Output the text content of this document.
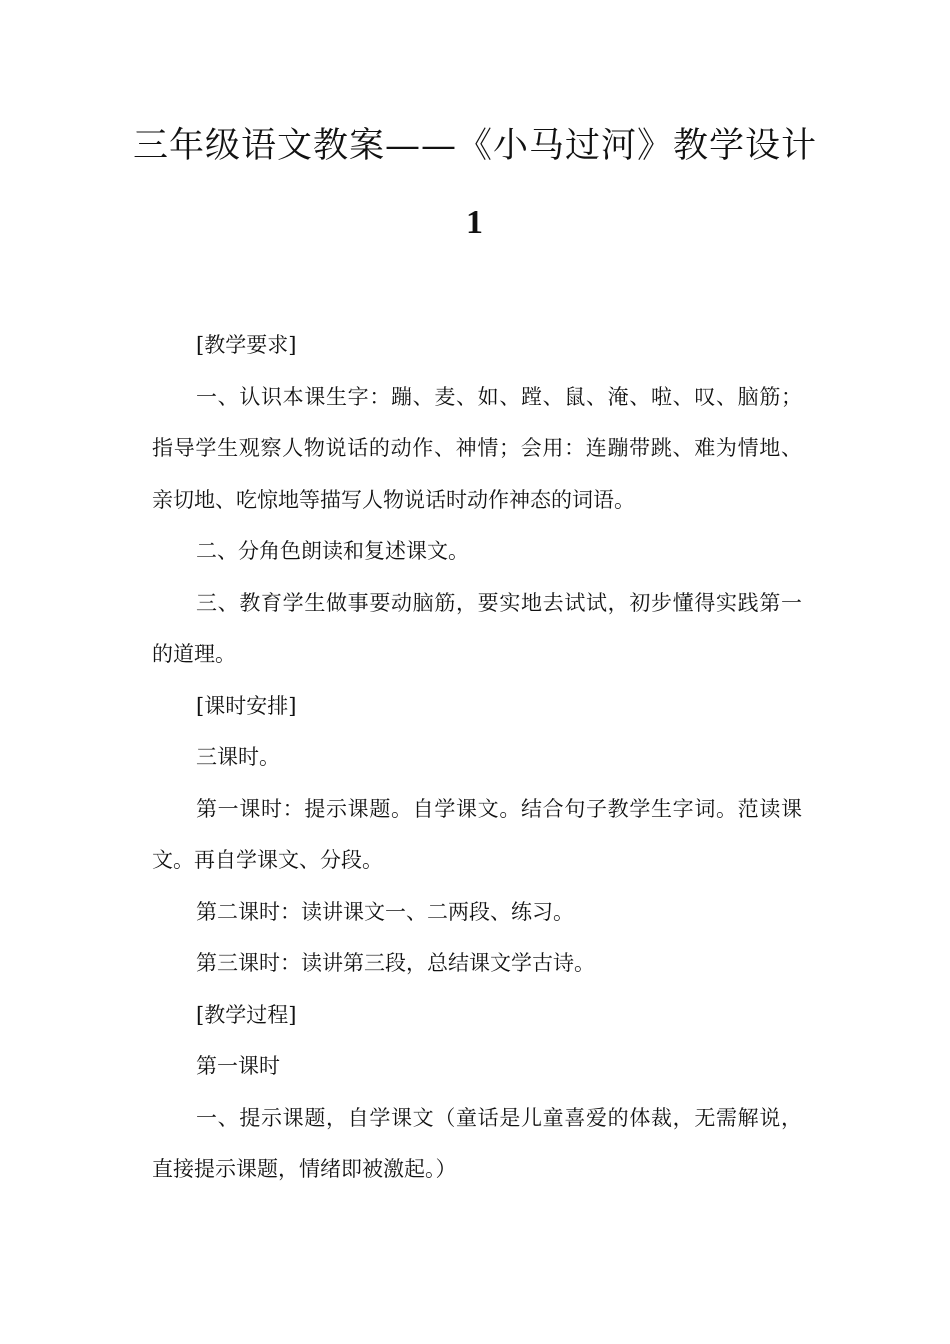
三年级语文教案——《小马过河》教学设计
1

[教学要求]

一、认识本课生字：蹦、麦、如、蹚、鼠、淹、啦、叹、脑筋；指导学生观察人物说话的动作、神情；会用：连蹦带跳、难为情地、亲切地、吃惊地等描写人物说话时动作神态的词语。

二、分角色朗读和复述课文。

三、教育学生做事要动脑筋，要实地去试试，初步懂得实践第一的道理。

[课时安排]

三课时。

第一课时：提示课题。自学课文。结合句子教学生字词。范读课文。再自学课文、分段。

第二课时：读讲课文一、二两段、练习。

第三课时：读讲第三段，总结课文学古诗。

[教学过程]

第一课时

一、提示课题，自学课文（童话是儿童喜爱的体裁，无需解说，直接提示课题，情绪即被激起。）
